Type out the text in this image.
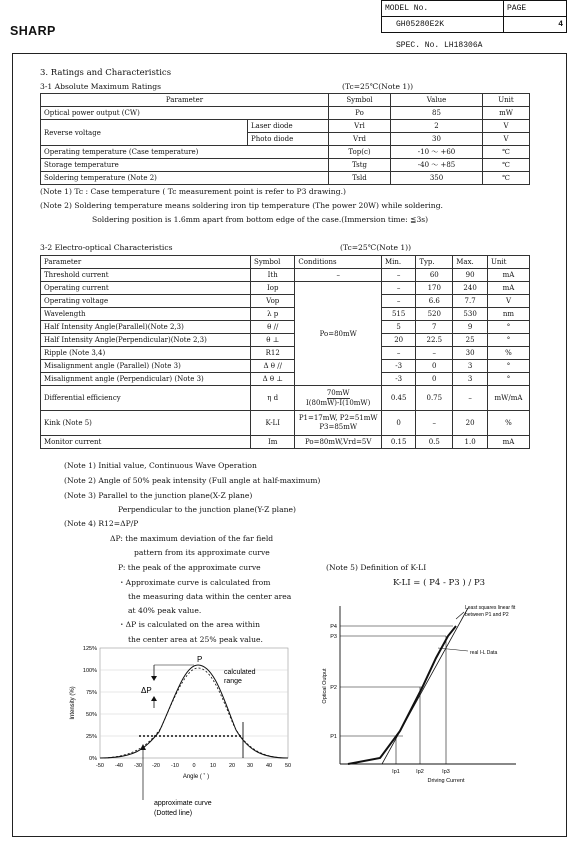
SHARP
MODEL No.	PAGE
GH05280E2K	4
SPEC. No. LH18306A
3. Ratings and Characteristics
3-1 Absolute Maximum Ratings	(Tc=25℃(Note 1))
Parameter		Symbol	Value	Unit
Optical power output (CW)		Po	85	mW
Reverse voltage	Laser diode	Vrl	2	V
	Photo diode	Vrd	30	V
Operating temperature (Case temperature)		Top(c)	-10 ～ +60	℃
Storage temperature		Tstg	-40 ～ +85	℃
Soldering temperature (Note 2)		Tsld	350	℃
(Note 1) Tc : Case temperature ( Tc measurement point is refer to P3 drawing.)
(Note 2) Soldering temperature means soldering iron tip temperature (The power 20W) while soldering.
Soldering position is 1.6mm apart from bottom edge of the case.(Immersion time: ≦3s)
3-2 Electro-optical Characteristics	(Tc=25℃(Note 1))
Parameter	Symbol	Conditions	Min.	Typ.	Max.	Unit
Threshold current	Ith	–	–	60	90	mA
Operating current	Iop	Po=80mW	–	170	240	mA
Operating voltage	Vop		–	6.6	7.7	V
Wavelength	λ p		515	520	530	nm
Half Intensity Angle(Parallel)(Note 2,3)	θ //		5	7	9	°
Half Intensity Angle(Perpendicular)(Note 2,3)	θ ⊥		20	22.5	25	°
Ripple (Note 3,4)	R12		–	–	30	%
Misalignment angle (Parallel) (Note 3)	Δ θ //		-3	0	3	°
Misalignment angle (Perpendicular) (Note 3)	Δ θ ⊥		-3	0	3	°
Differential efficiency	η d	70mW
I(80mW)-I(10mW)	0.45	0.75	–	mW/mA
Kink (Note 5)	K-LI	P1=17mW, P2=51mW
P3=85mW	0	–	20	%
Monitor current	Im	Po=80mW,Vrd=5V	0.15	0.5	1.0	mA
(Note 1) Initial value, Continuous Wave Operation
(Note 2) Angle of 50% peak intensity (Full angle at half-maximum)
(Note 3) Parallel to the junction plane(X-Z plane)
Perpendicular to the junction plane(Y-Z plane)
(Note 4) R12=ΔP/P
ΔP: the maximum deviation of the far field
pattern from its approximate curve
P: the peak of the approximate curve
・Approximate curve is calculated from
the measuring data within the center area
at 40% peak value.
・ΔP is calculated on the area within
the center area at 25% peak value.
(Note 5) Definition of K-LI
K-LI = ( P4 - P3 ) / P3
P
ΔP
calculated
range
125%
100%
75%
50%
25%
0%
-50 -40 -30 -20 -10 0	10 20 30 40 50
Angle ( ˚ )
Intensity (%)
approximate curve
(Dotted line)
P4
P3
P2
P1
Ip1	Ip2	Ip3
Driving Current
Optical Output
Least squares linear fit
between P1 and P2
real I-L Data
